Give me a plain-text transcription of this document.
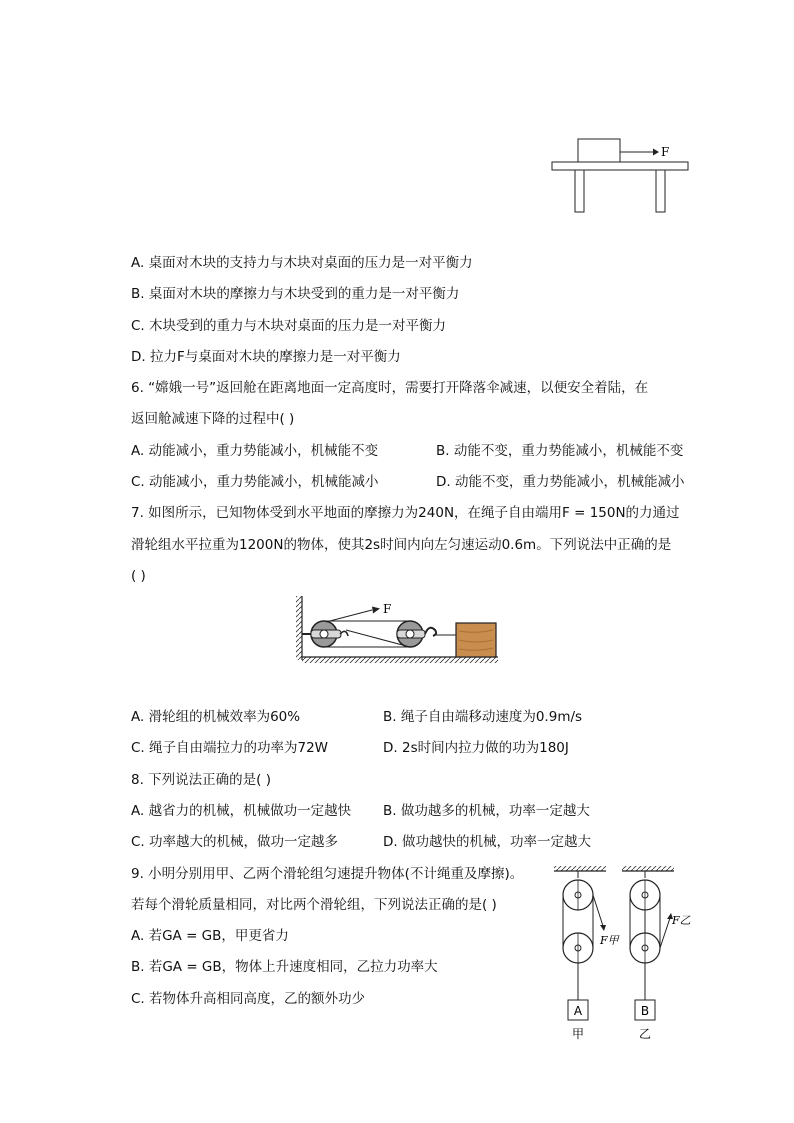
F
A. 桌面对木块的支持力与木块对桌面的压力是一对平衡力
B. 桌面对木块的摩擦力与木块受到的重力是一对平衡力
C. 木块受到的重力与木块对桌面的压力是一对平衡力
D. 拉力F与桌面对木块的摩擦力是一对平衡力
6. “嫦娥一号”返回舱在距离地面一定高度时，需要打开降落伞减速，以便安全着陆，在
返回舱减速下降的过程中( )
A. 动能减小，重力势能减小，机械能不变	B. 动能不变，重力势能减小，机械能不变
C. 动能减小，重力势能减小，机械能减小	D. 动能不变，重力势能减小，机械能减小
7. 如图所示，已知物体受到水平地面的摩擦力为240N，在绳子自由端用F = 150N的力通过
滑轮组水平拉重为1200N的物体，使其2s时间内向左匀速运动0.6m。下列说法中正确的是
( )
F
A. 滑轮组的机械效率为60%	B. 绳子自由端移动速度为0.9m/s
C. 绳子自由端拉力的功率为72W	D. 2s时间内拉力做的功为180J
8. 下列说法正确的是( )
A. 越省力的机械，机械做功一定越快 B. 做功越多的机械，功率一定越大
C. 功率越大的机械，做功一定越多	D. 做功越快的机械，功率一定越大
9. 小明分别用甲、乙两个滑轮组匀速提升物体(不计绳重及摩擦)。
若每个滑轮质量相同，对比两个滑轮组，下列说法正确的是( )
A. 若GA = GB，甲更省力
B. 若GA = GB，物体上升速度相同，乙拉力功率大
C. 若物体升高相同高度，乙的额外功少
F甲
A
甲
F乙
B
乙
